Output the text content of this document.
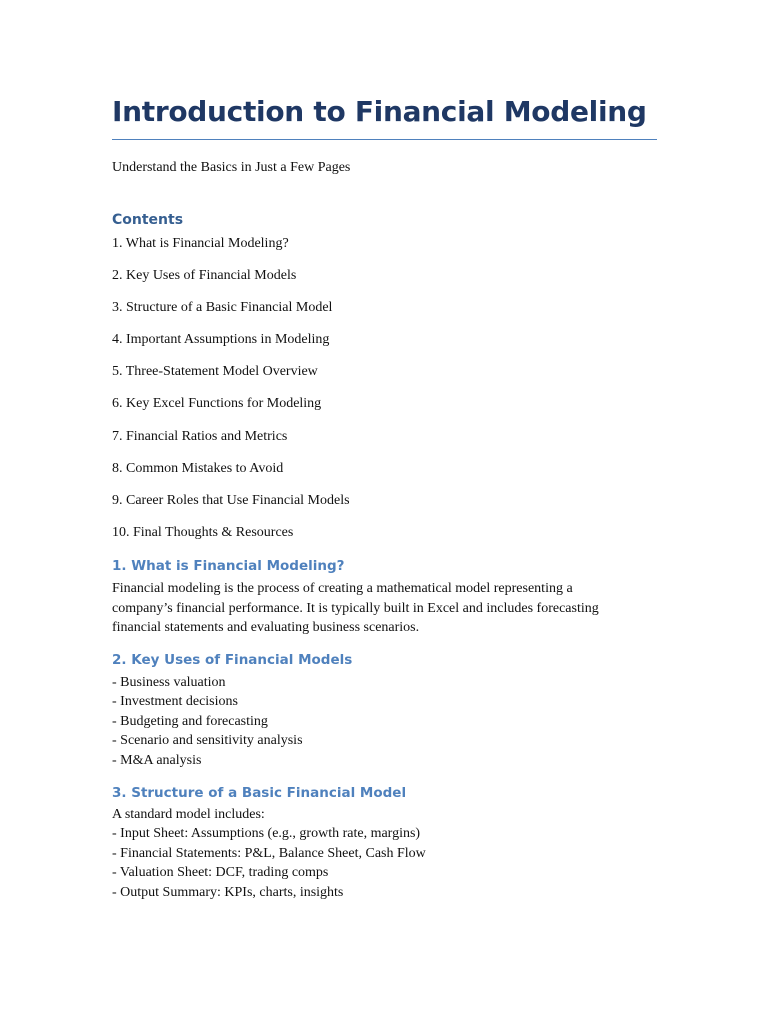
Introduction to Financial Modeling

Understand the Basics in Just a Few Pages

Contents
1. What is Financial Modeling?
2. Key Uses of Financial Models
3. Structure of a Basic Financial Model
4. Important Assumptions in Modeling
5. Three-Statement Model Overview
6. Key Excel Functions for Modeling
7. Financial Ratios and Metrics
8. Common Mistakes to Avoid
9. Career Roles that Use Financial Models
10. Final Thoughts & Resources
1. What is Financial Modeling?

Financial modeling is the process of creating a mathematical model representing a company’s financial performance. It is typically built in Excel and includes forecasting financial statements and evaluating business scenarios.

2. Key Uses of Financial Models
- Business valuation
- Investment decisions
- Budgeting and forecasting
- Scenario and sensitivity analysis
- M&A analysis
3. Structure of a Basic Financial Model
A standard model includes:
- Input Sheet: Assumptions (e.g., growth rate, margins)
- Financial Statements: P&L, Balance Sheet, Cash Flow
- Valuation Sheet: DCF, trading comps
- Output Summary: KPIs, charts, insights
